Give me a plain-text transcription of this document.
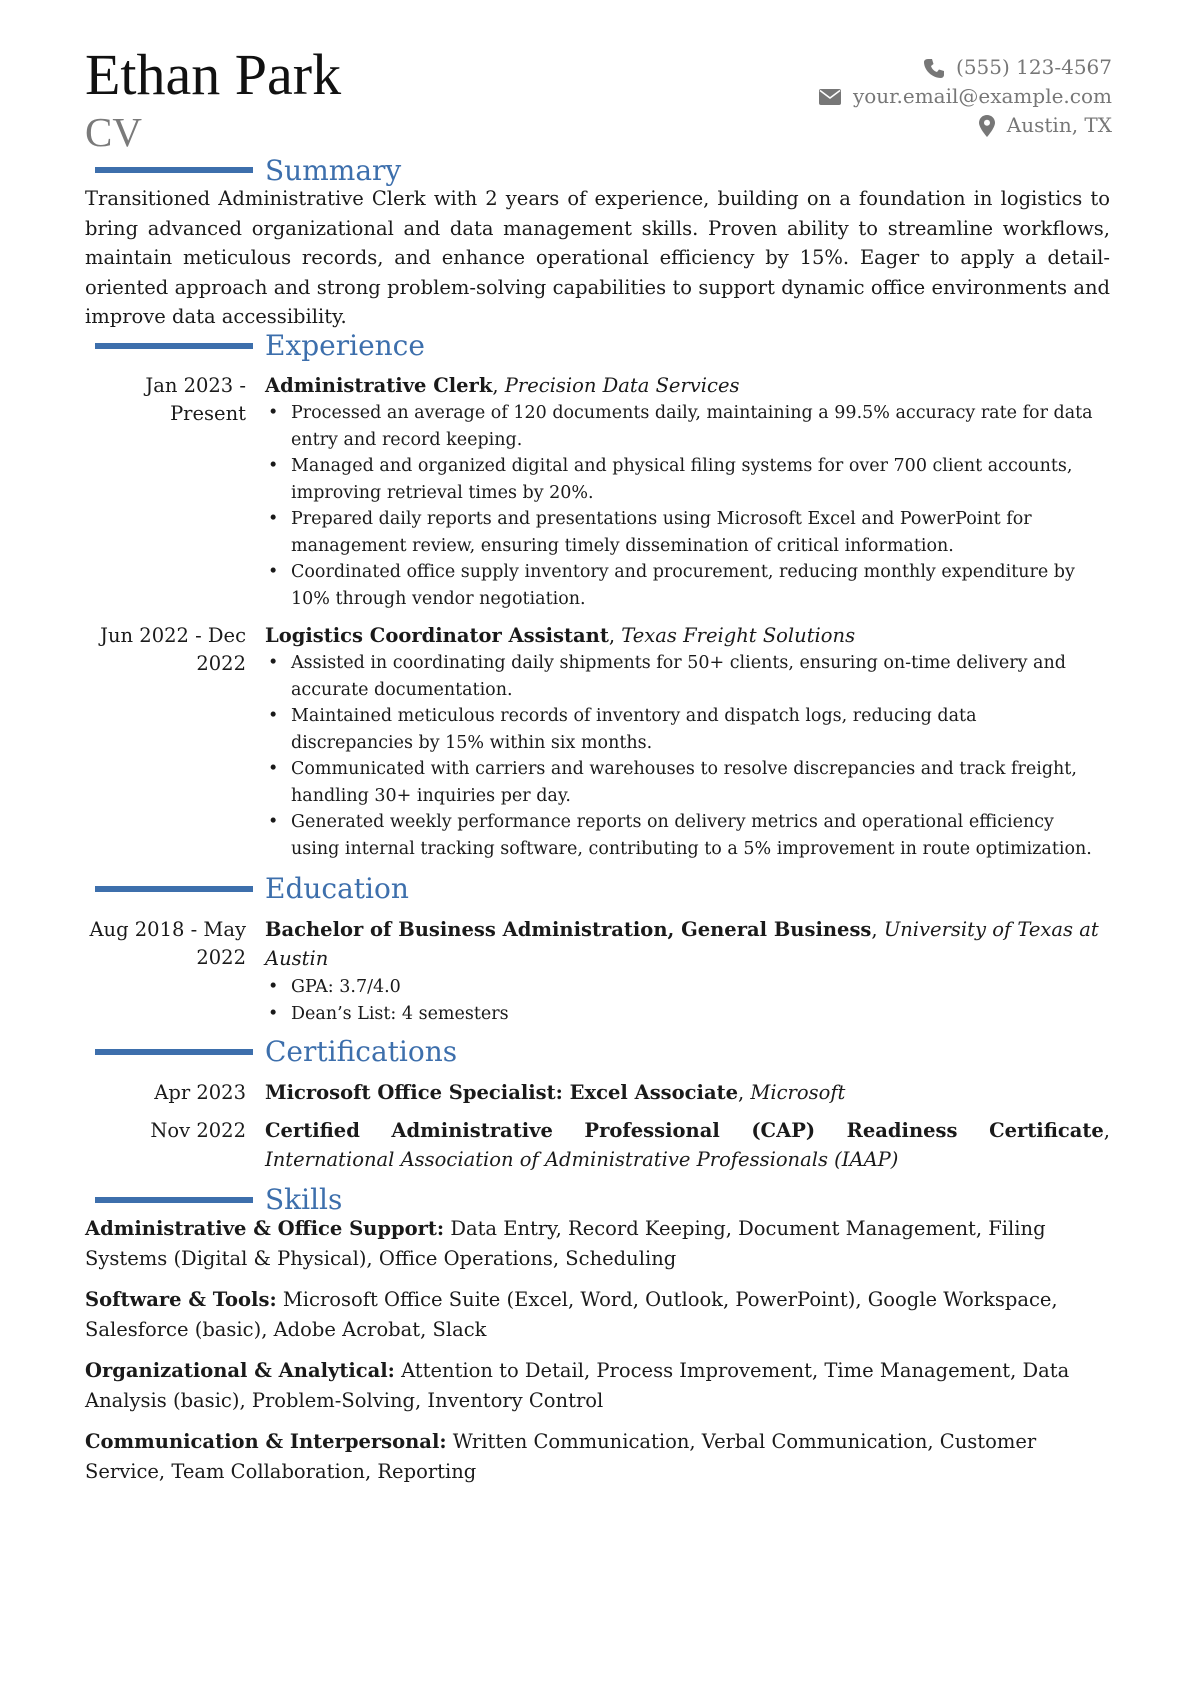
Ethan Park
CV
(555) 123-4567
your.email@example.com
Austin, TX
Summary
Transitioned Administrative Clerk with 2 years of experience, building on a foundation in logistics to bring advanced organizational and data management skills. Proven ability to streamline workflows, maintain meticulous records, and enhance operational efficiency by 15%. Eager to apply a detail-oriented approach and strong problem-solving capabilities to support dynamic office environments and improve data accessibility.
Experience
Jan 2023 - Present
Administrative Clerk, Precision Data Services
• Processed an average of 120 documents daily, maintaining a 99.5% accuracy rate for data entry and record keeping.
• Managed and organized digital and physical filing systems for over 700 client accounts, improving retrieval times by 20%.
• Prepared daily reports and presentations using Microsoft Excel and PowerPoint for management review, ensuring timely dissemination of critical information.
• Coordinated office supply inventory and procurement, reducing monthly expenditure by 10% through vendor negotiation.
Jun 2022 - Dec 2022
Logistics Coordinator Assistant, Texas Freight Solutions
• Assisted in coordinating daily shipments for 50+ clients, ensuring on-time delivery and accurate documentation.
• Maintained meticulous records of inventory and dispatch logs, reducing data discrepancies by 15% within six months.
• Communicated with carriers and warehouses to resolve discrepancies and track freight, handling 30+ inquiries per day.
• Generated weekly performance reports on delivery metrics and operational efficiency using internal tracking software, contributing to a 5% improvement in route optimization.
Education
Aug 2018 - May 2022
Bachelor of Business Administration, General Business, University of Texas at Austin
• GPA: 3.7/4.0
• Dean’s List: 4 semesters
Certifications
Apr 2023 Microsoft Office Specialist: Excel Associate, Microsoft
Nov 2022 Certified Administrative Professional (CAP) Readiness Certificate, International Association of Administrative Professionals (IAAP)
Skills
Administrative & Office Support: Data Entry, Record Keeping, Document Management, Filing Systems (Digital & Physical), Office Operations, Scheduling
Software & Tools: Microsoft Office Suite (Excel, Word, Outlook, PowerPoint), Google Workspace, Salesforce (basic), Adobe Acrobat, Slack
Organizational & Analytical: Attention to Detail, Process Improvement, Time Management, Data Analysis (basic), Problem-Solving, Inventory Control
Communication & Interpersonal: Written Communication, Verbal Communication, Customer Service, Team Collaboration, Reporting
